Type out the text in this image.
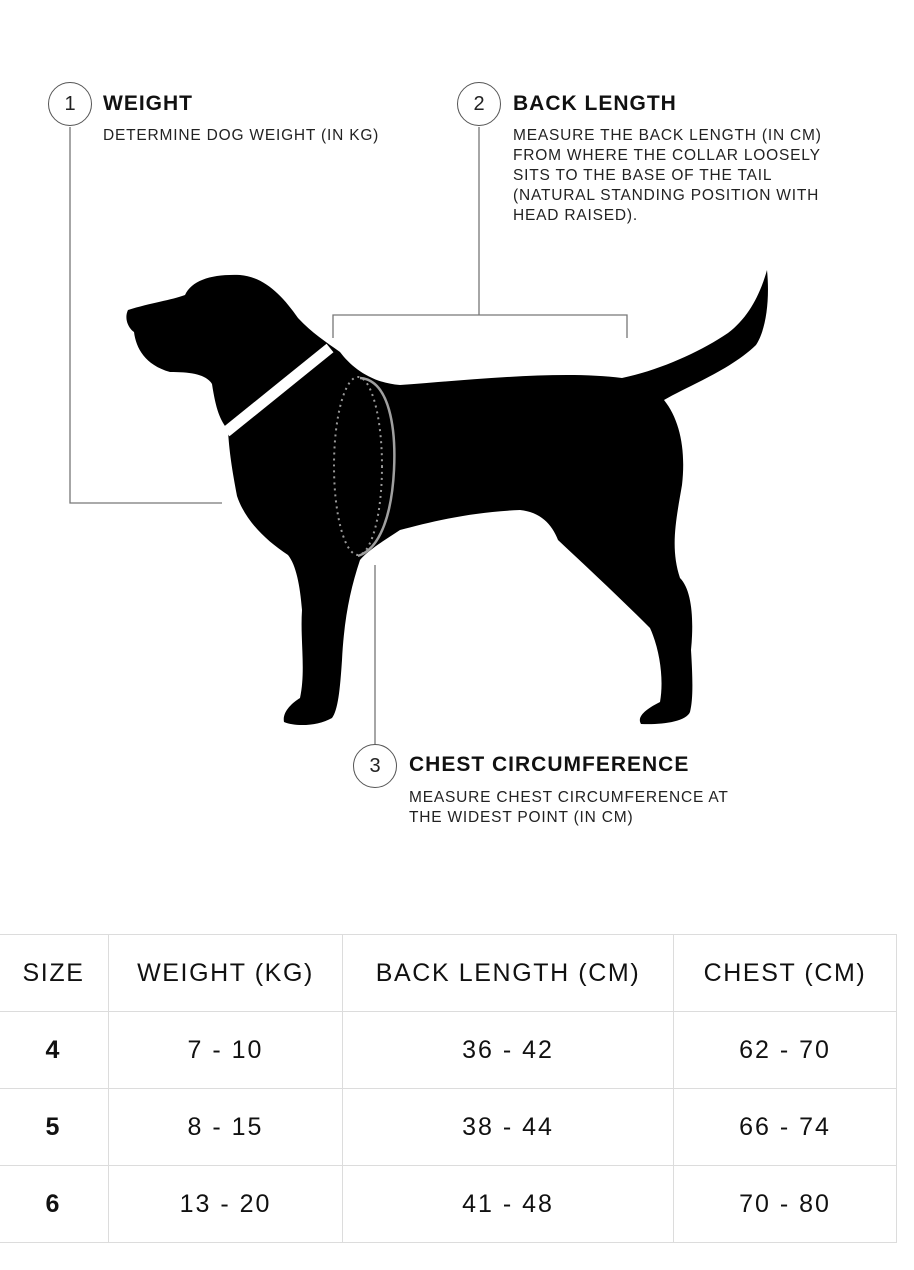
1	WEIGHT
DETERMINE DOG WEIGHT (IN KG)
2	BACK LENGTH
MEASURE THE BACK LENGTH (IN CM) FROM WHERE THE COLLAR LOOSELY SITS TO THE BASE OF THE TAIL (NATURAL STANDING POSITION WITH HEAD RAISED).
3	CHEST CIRCUMFERENCE
MEASURE CHEST CIRCUMFERENCE AT THE WIDEST POINT (IN CM)
SIZE	WEIGHT (KG)	BACK LENGTH (CM)	CHEST (CM)
4	7 - 10	36 - 42	62 - 70
5	8 - 15	38 - 44	66 - 74
6	13 - 20	41 - 48	70 - 80
